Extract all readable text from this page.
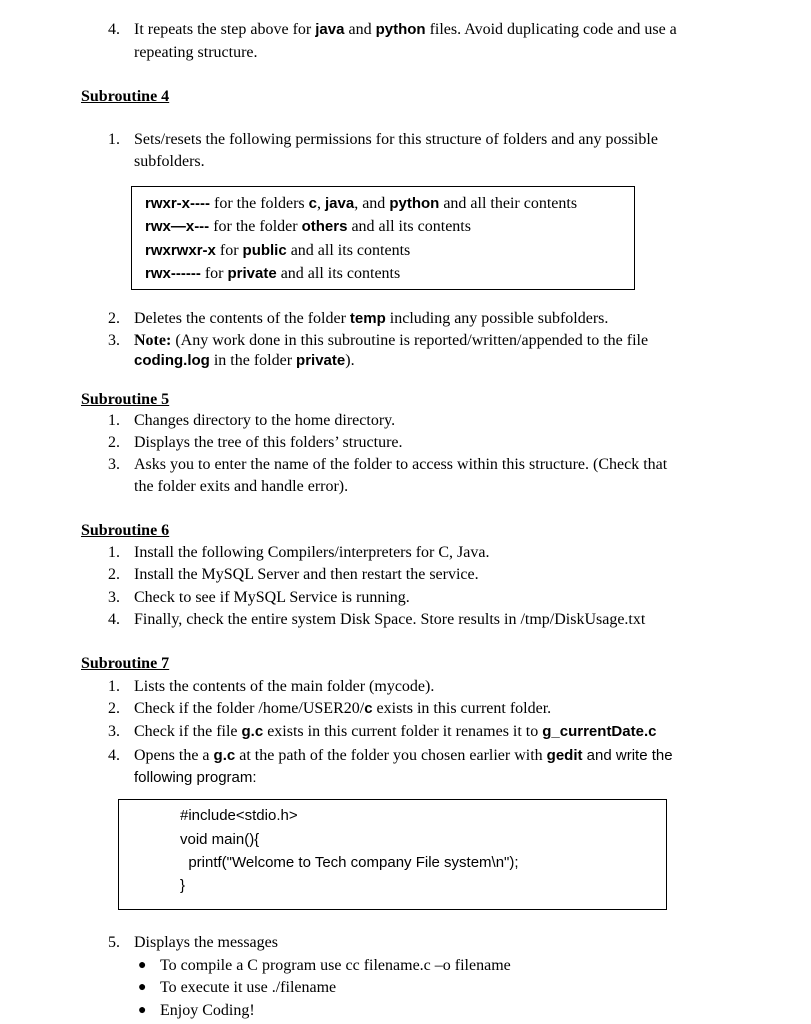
4. It repeats the step above for java and python files. Avoid duplicating code and use a
repeating structure.
Subroutine 4
1. Sets/resets the following permissions for this structure of folders and any possible
subfolders.
rwxr-x---- for the folders c, java, and python and all their contents
rwx—x--- for the folder others and all its contents
rwxrwxr-x for public and all its contents
rwx------ for private and all its contents
2. Deletes the contents of the folder temp including any possible subfolders.
3. Note: (Any work done in this subroutine is reported/written/appended to the file
coding.log in the folder private).
Subroutine 5
1. Changes directory to the home directory.
2. Displays the tree of this folders’ structure.
3. Asks you to enter the name of the folder to access within this structure. (Check that
the folder exits and handle error).
Subroutine 6
1. Install the following Compilers/interpreters for C, Java.
2. Install the MySQL Server and then restart the service.
3. Check to see if MySQL Service is running.
4. Finally, check the entire system Disk Space. Store results in /tmp/DiskUsage.txt
Subroutine 7
1. Lists the contents of the main folder (mycode).
2. Check if the folder /home/USER20/c exists in this current folder.
3. Check if the file g.c exists in this current folder it renames it to g_currentDate.c
4. Opens the a g.c at the path of the folder you chosen earlier with gedit and write the
following program:
#include<stdio.h>
void main(){
printf("Welcome to Tech company File system\n");
}
5. Displays the messages
● To compile a C program use cc filename.c –o filename
● To execute it use ./filename
● Enjoy Coding!
